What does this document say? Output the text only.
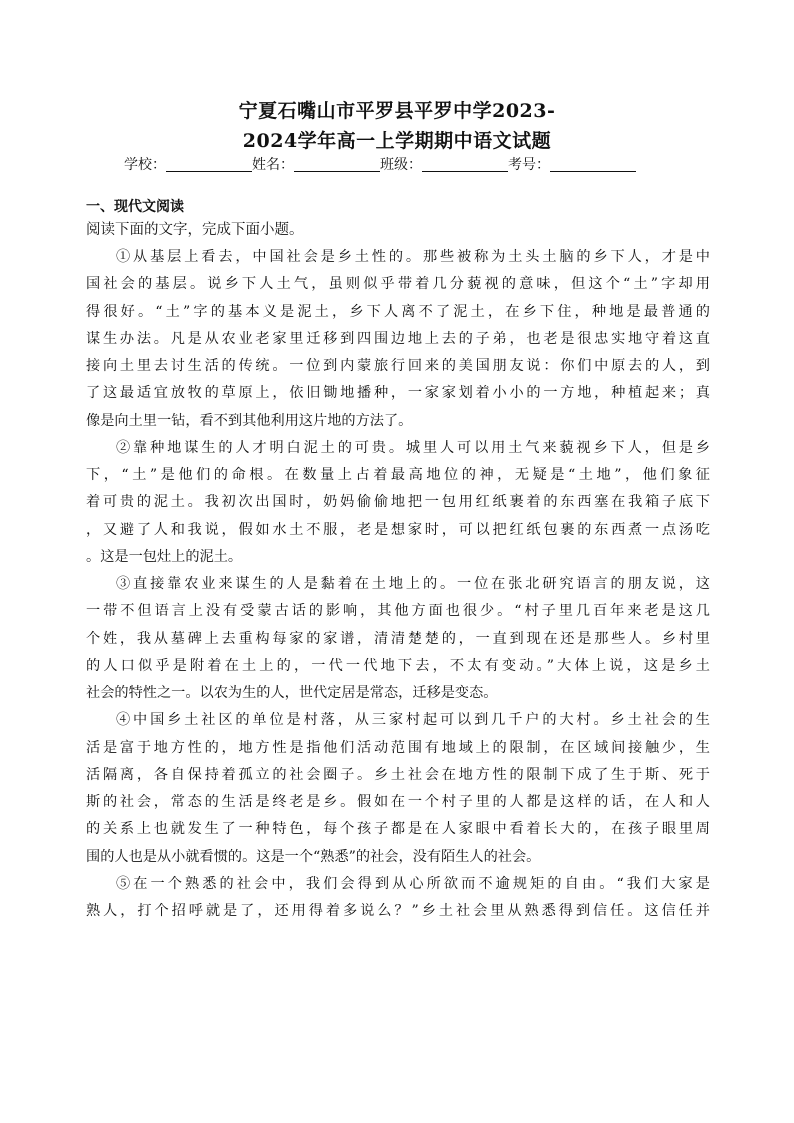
宁夏石嘴山市平罗县平罗中学2023-
2024学年高一上学期期中语文试题
学校：	姓名：	班级：	考号：
一、现代文阅读
阅读下面的文字，完成下面小题。
①从基层上看去，中国社会是乡土性的。那些被称为土头土脑的乡下人，才是中
国社会的基层。说乡下人土气，虽则似乎带着几分藐视的意味，但这个“土”字却用
得很好。“土”字的基本义是泥土，乡下人离不了泥土，在乡下住，种地是最普通的
谋生办法。凡是从农业老家里迁移到四围边地上去的子弟，也老是很忠实地守着这直
接向土里去讨生活的传统。一位到内蒙旅行回来的美国朋友说：你们中原去的人，到
了这最适宜放牧的草原上，依旧锄地播种，一家家划着小小的一方地，种植起来；真
像是向土里一钻，看不到其他利用这片地的方法了。
②靠种地谋生的人才明白泥土的可贵。城里人可以用土气来藐视乡下人，但是乡
下，“土”是他们的命根。在数量上占着最高地位的神，无疑是“土地”，他们象征
着可贵的泥土。我初次出国时，奶妈偷偷地把一包用红纸裹着的东西塞在我箱子底下
，又避了人和我说，假如水土不服，老是想家时，可以把红纸包裹的东西煮一点汤吃
。这是一包灶上的泥土。
③直接靠农业来谋生的人是黏着在土地上的。一位在张北研究语言的朋友说，这
一带不但语言上没有受蒙古话的影响，其他方面也很少。“村子里几百年来老是这几
个姓，我从墓碑上去重构每家的家谱，清清楚楚的，一直到现在还是那些人。乡村里
的人口似乎是附着在土上的，一代一代地下去，不太有变动。”大体上说，这是乡土
社会的特性之一。以农为生的人，世代定居是常态，迁移是变态。
④中国乡土社区的单位是村落，从三家村起可以到几千户的大村。乡土社会的生
活是富于地方性的，地方性是指他们活动范围有地域上的限制，在区域间接触少，生
活隔离，各自保持着孤立的社会圈子。乡土社会在地方性的限制下成了生于斯、死于
斯的社会，常态的生活是终老是乡。假如在一个村子里的人都是这样的话，在人和人
的关系上也就发生了一种特色，每个孩子都是在人家眼中看着长大的，在孩子眼里周
围的人也是从小就看惯的。这是一个“熟悉”的社会，没有陌生人的社会。
⑤在一个熟悉的社会中，我们会得到从心所欲而不逾规矩的自由。“我们大家是
熟人，打个招呼就是了，还用得着多说么？”乡土社会里从熟悉得到信任。这信任并
